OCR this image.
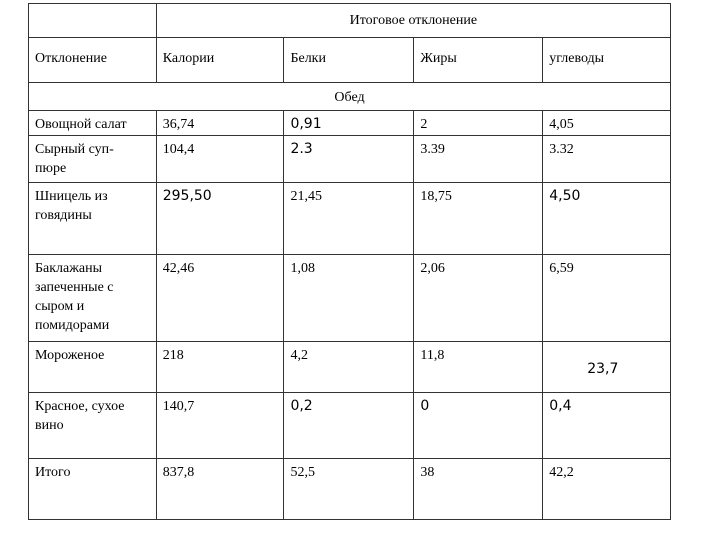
	Итоговое отклонение			
Отклонение	Калории	Белки	Жиры	углеводы
Обед				
Овощной салат	36,74	0,91	2	4,05
Сырный суп-
пюре	104,4	2.3	3.39	3.32
Шницель из говядины	295,50	21,45	18,75	4,50
Баклажаны запеченные с сыром и помидорами	42,46	1,08	2,06	6,59
Мороженое	218	4,2	11,8	23,7

Красное, сухое вино	140,7	0,2	0	0,4
Итого	837,8	52,5	38	42,2
